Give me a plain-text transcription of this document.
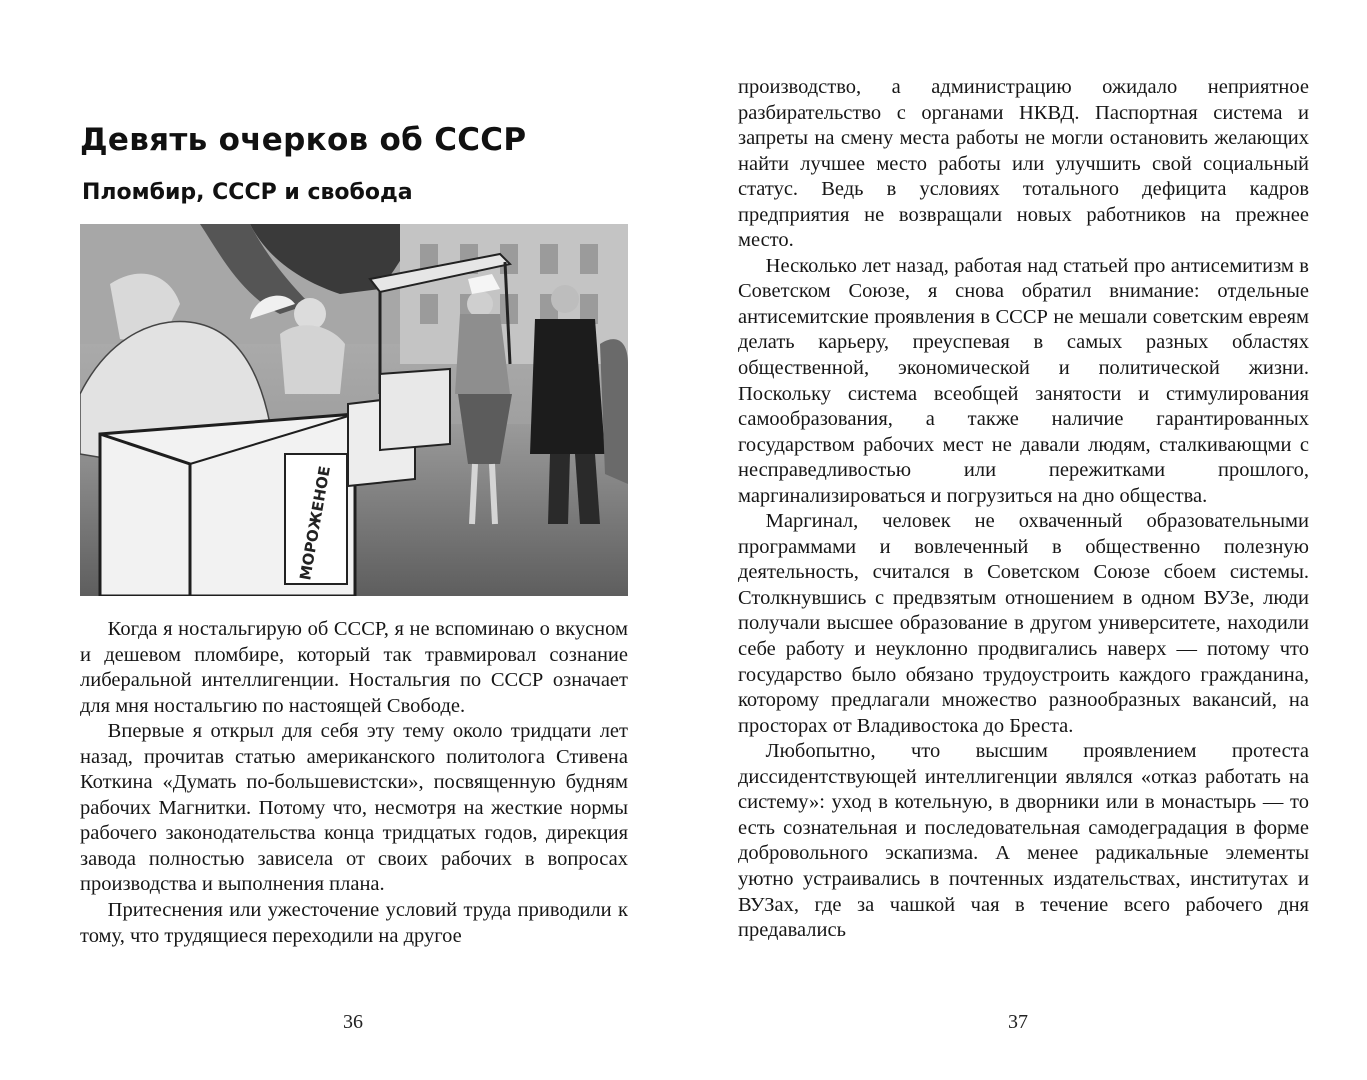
Девять очерков об СССР
Пломбир, СССР и свобода
МОРОЖЕНОЕ

Когда я ностальгирую об СССР, я не вспоминаю о вкусном и дешевом пломбире, который так травмировал сознание либеральной интеллигенции. Ностальгия по СССР означает для мня ностальгию по настоящей Свободе.

Впервые я открыл для себя эту тему около тридцати лет назад, прочитав статью американского политолога Стивена Коткина «Думать по-большевистски», посвященную будням рабочих Магнитки. Потому что, несмотря на жесткие нормы рабочего законодательства конца тридцатых годов, дирекция завода полностью зависела от своих рабочих в вопросах производства и выполнения плана.

Притеснения или ужесточение условий труда приводили к тому, что трудящиеся переходили на другое

36

производство, а администрацию ожидало неприятное разбирательство с органами НКВД. Паспортная система и запреты на смену места работы не могли остановить желающих найти лучшее место работы или улучшить свой социальный статус. Ведь в условиях тотального дефицита кадров предприятия не возвращали новых работников на прежнее место.

Несколько лет назад, работая над статьей про антисемитизм в Советском Союзе, я снова обратил внимание: отдельные антисемитские проявления в СССР не мешали советским евреям делать карьеру, преуспевая в самых разных областях общественной, экономической и политической жизни. Поскольку система всеобщей занятости и стимулирования самообразования, а также наличие гарантированных государством рабочих мест не давали людям, сталкивающми с несправедливостью или пережитками прошлого, маргинализироваться и погрузиться на дно общества.

Маргинал, человек не охваченный образовательными программами и вовлеченный в общественно полезную деятельность, считался в Советском Союзе сбоем системы. Столкнувшись с предвзятым отношением в одном ВУЗе, люди получали высшее образование в другом университете, находили себе работу и неуклонно продвигались наверх — потому что государство было обязано трудоустроить каждого гражданина, которому предлагали множество разнообразных вакансий, на просторах от Владивостока до Бреста.

Любопытно, что высшим проявлением протеста диссидентствующей интеллигенции являлся «отказ работать на систему»: уход в котельную, в дворники или в монастырь — то есть сознательная и последовательная самодеградация в форме добровольного эскапизма. А менее радикальные элементы уютно устраивались в почтенных издательствах, институтах и ВУЗах, где за чашкой чая в течение всего рабочего дня предавались

37
